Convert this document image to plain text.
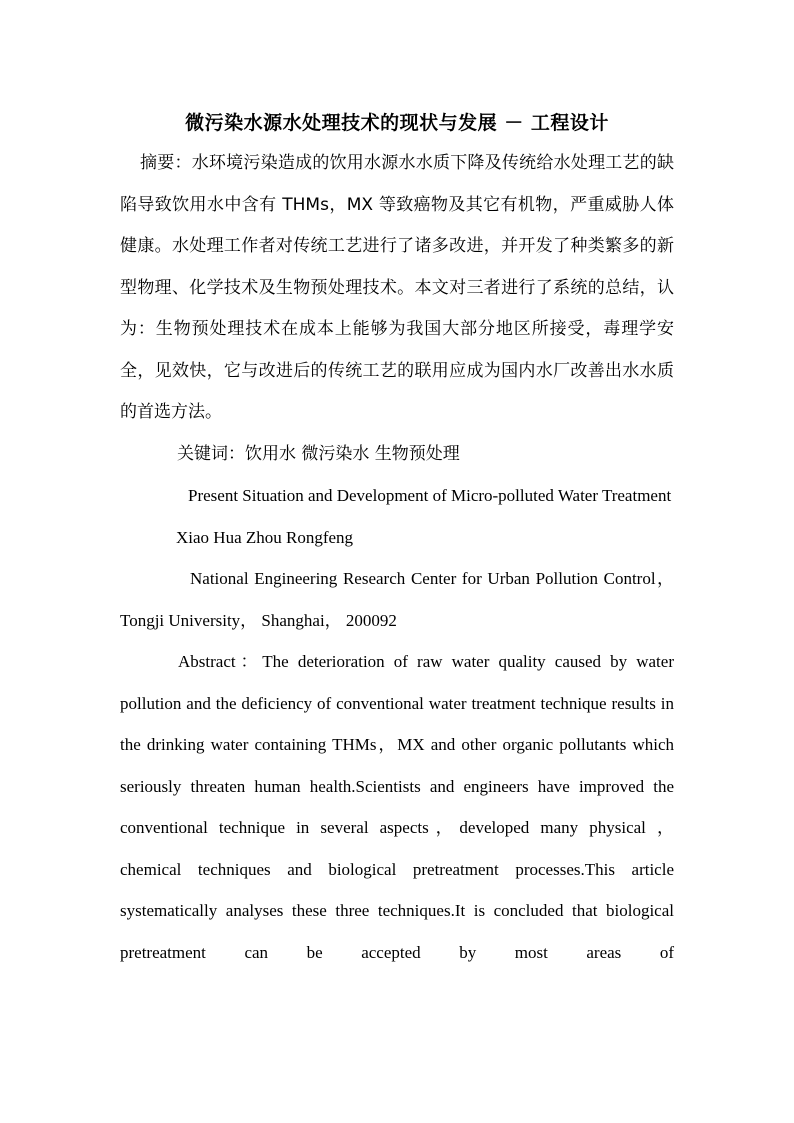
微污染水源水处理技术的现状与发展 － 工程设计

摘要：水环境污染造成的饮用水源水水质下降及传统给水处理工艺的缺陷导致饮用水中含有 THMs，MX 等致癌物及其它有机物，严重威胁人体健康。水处理工作者对传统工艺进行了诸多改进，并开发了种类繁多的新型物理、化学技术及生物预处理技术。本文对三者进行了系统的总结，认为：生物预处理技术在成本上能够为我国大部分地区所接受，毒理学安全，见效快，它与改进后的传统工艺的联用应成为国内水厂改善出水水质的首选方法。

关键词：饮用水 微污染水 生物预处理

Present Situation and Development of Micro-polluted Water Treatment

Xiao Hua Zhou Rongfeng

National Engineering Research Center for Urban Pollution Control， Tongji University， Shanghai， 200092

Abstract：The deterioration of raw water quality caused by water pollution and the deficiency of conventional water treatment technique results in the drinking water containing THMs，MX and other organic pollutants which seriously threaten human health.Scientists and engineers have improved the conventional technique in several aspects，developed many physical ， chemical techniques and biological pretreatment processes.This article systematically analyses these three techniques.It is concluded that biological pretreatment can be accepted by most areas of
